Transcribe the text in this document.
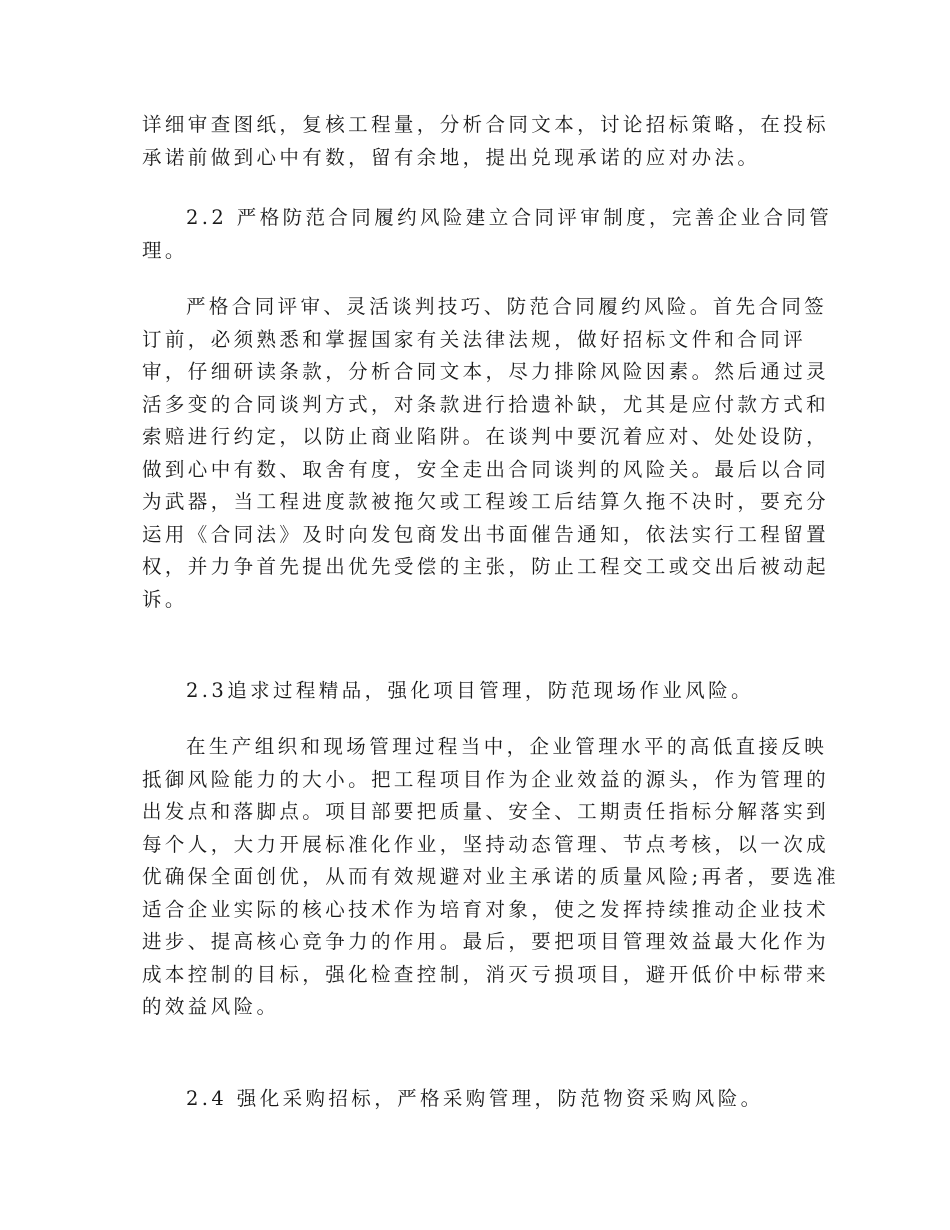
详细审查图纸，复核工程量，分析合同文本，讨论招标策略，在投标
承诺前做到心中有数，留有余地，提出兑现承诺的应对办法。
2.2 严格防范合同履约风险建立合同评审制度，完善企业合同管
理。
严格合同评审、灵活谈判技巧、防范合同履约风险。首先合同签
订前，必须熟悉和掌握国家有关法律法规，做好招标文件和合同评
审，仔细研读条款，分析合同文本，尽力排除风险因素。然后通过灵
活多变的合同谈判方式，对条款进行拾遗补缺，尤其是应付款方式和
索赔进行约定，以防止商业陷阱。在谈判中要沉着应对、处处设防，
做到心中有数、取舍有度，安全走出合同谈判的风险关。最后以合同
为武器，当工程进度款被拖欠或工程竣工后结算久拖不决时，要充分
运用《合同法》及时向发包商发出书面催告通知，依法实行工程留置
权，并力争首先提出优先受偿的主张，防止工程交工或交出后被动起
诉。
2.3追求过程精品，强化项目管理，防范现场作业风险。
在生产组织和现场管理过程当中，企业管理水平的高低直接反映
抵御风险能力的大小。把工程项目作为企业效益的源头，作为管理的
出发点和落脚点。项目部要把质量、安全、工期责任指标分解落实到
每个人，大力开展标准化作业，坚持动态管理、节点考核，以一次成
优确保全面创优，从而有效规避对业主承诺的质量风险;再者，要选准
适合企业实际的核心技术作为培育对象，使之发挥持续推动企业技术
进步、提高核心竞争力的作用。最后，要把项目管理效益最大化作为
成本控制的目标，强化检查控制，消灭亏损项目，避开低价中标带来
的效益风险。
2.4 强化采购招标，严格采购管理，防范物资采购风险。
